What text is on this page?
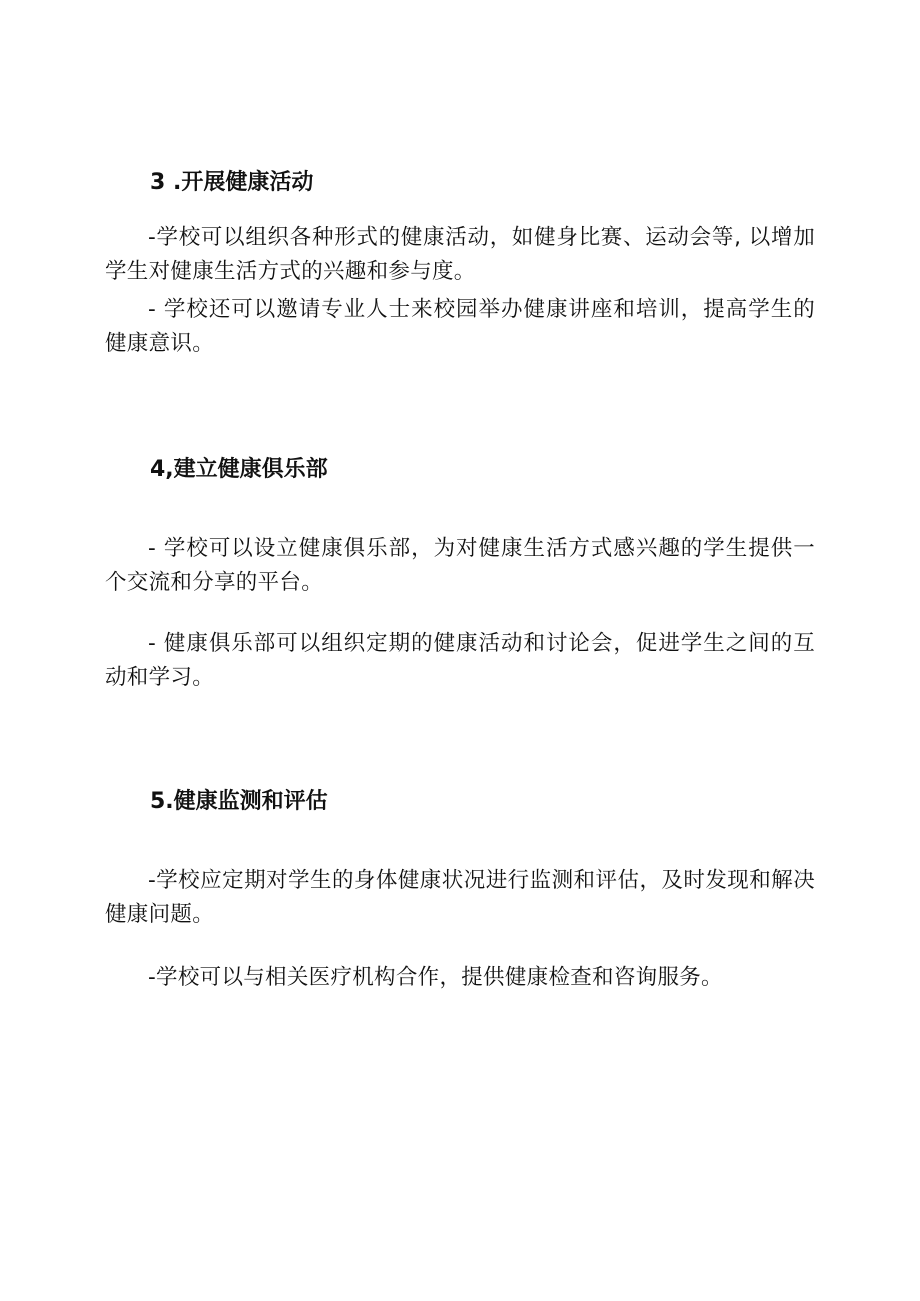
3 .开展健康活动

-学校可以组织各种形式的健康活动，如健身比赛、运动会等, 以增加学生对健康生活方式的兴趣和参与度。

- 学校还可以邀请专业人士来校园举办健康讲座和培训，提高学生的健康意识。

4,建立健康俱乐部

- 学校可以设立健康俱乐部，为对健康生活方式感兴趣的学生提供一个交流和分享的平台。

- 健康俱乐部可以组织定期的健康活动和讨论会，促进学生之间的互动和学习。

5.健康监测和评估

-学校应定期对学生的身体健康状况进行监测和评估，及时发现和解决健康问题。

-学校可以与相关医疗机构合作，提供健康检查和咨询服务。
